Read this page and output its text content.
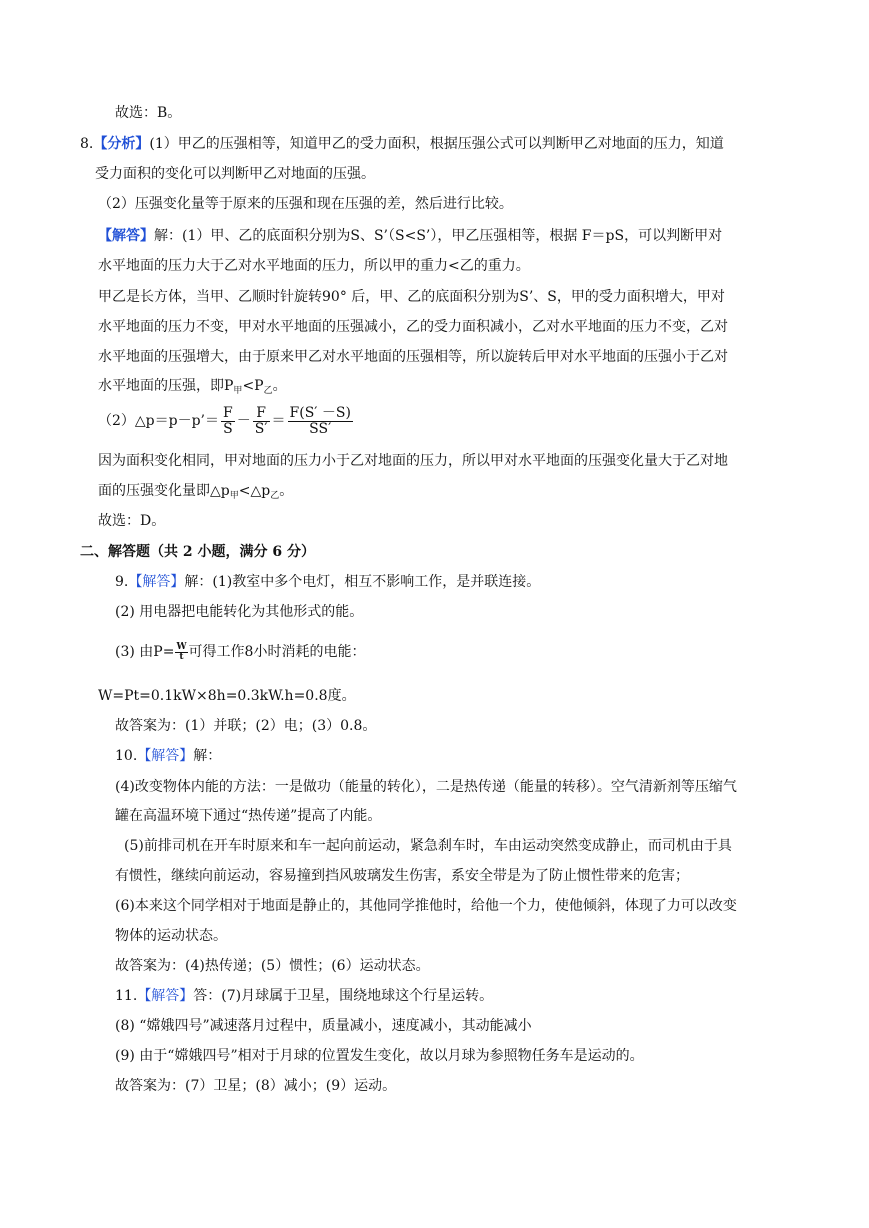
故选：B。
8.【分析】(1）甲乙的压强相等，知道甲乙的受力面积，根据压强公式可以判断甲乙对地面的压力，知道
受力面积的变化可以判断甲乙对地面的压强。
（2）压强变化量等于原来的压强和现在压强的差，然后进行比较。
【解答】解：(1）甲、乙的底面积分别为S、S’（S<S’），甲乙压强相等，根据 F＝pS，可以判断甲对
水平地面的压力大于乙对水平地面的压力，所以甲的重力<乙的重力。
甲乙是长方体，当甲、乙顺时针旋转90° 后，甲、乙的底面积分别为S’、S，甲的受力面积增大，甲对
水平地面的压力不变，甲对水平地面的压强减小，乙的受力面积减小，乙对水平地面的压力不变，乙对
水平地面的压强增大，由于原来甲乙对水平地面的压强相等，所以旋转后甲对水平地面的压强小于乙对
水平地面的压强，即$P_甲<P_乙$。
（2）△p＝p－p’＝ $\frac{F}{S} - \frac{F}{S'} = \frac{F(S' -S)}{SS'}$
因为面积变化相同，甲对地面的压力小于乙对地面的压力，所以甲对水平地面的压强变化量大于乙对地
面的压强变化量即$\triangle p_甲<\triangle p_乙$。
故选：D。
二、解答题（共 2 小题，满分 6 分）
9.【解答】解：(1)教室中多个电灯，相互不影响工作，是并联连接。
(2) 用电器把电能转化为其他形式的能。
(3) 由$P= \frac{W}{t}$ 可得工作8小时消耗的电能：
W=Pt=0.1kW×8h=0.3kW.h=0.8度。
故答案为：(1）并联；(2）电；(3）0.8。
10.【解答】解：
(4)改变物体内能的方法：一是做功（能量的转化），二是热传递（能量的转移）。空气清新剂等压缩气
罐在高温环境下通过“热传递”提高了内能。
(5)前排司机在开车时原来和车一起向前运动，紧急刹车时，车由运动突然变成静止，而司机由于具
有惯性，继续向前运动，容易撞到挡风玻璃发生伤害，系安全带是为了防止惯性带来的危害；
(6)本来这个同学相对于地面是静止的，其他同学推他时，给他一个力，使他倾斜，体现了力可以改变
物体的运动状态。
故答案为：(4)热传递；(5）惯性；(6）运动状态。
11.【解答】答：(7)月球属于卫星，围绕地球这个行星运转。
(8) “嫦娥四号”减速落月过程中，质量减小，速度减小，其动能减小
(9) 由于“嫦娥四号”相对于月球的位置发生变化，故以月球为参照物任务车是运动的。
故答案为：(7）卫星；(8）减小；(9）运动。
